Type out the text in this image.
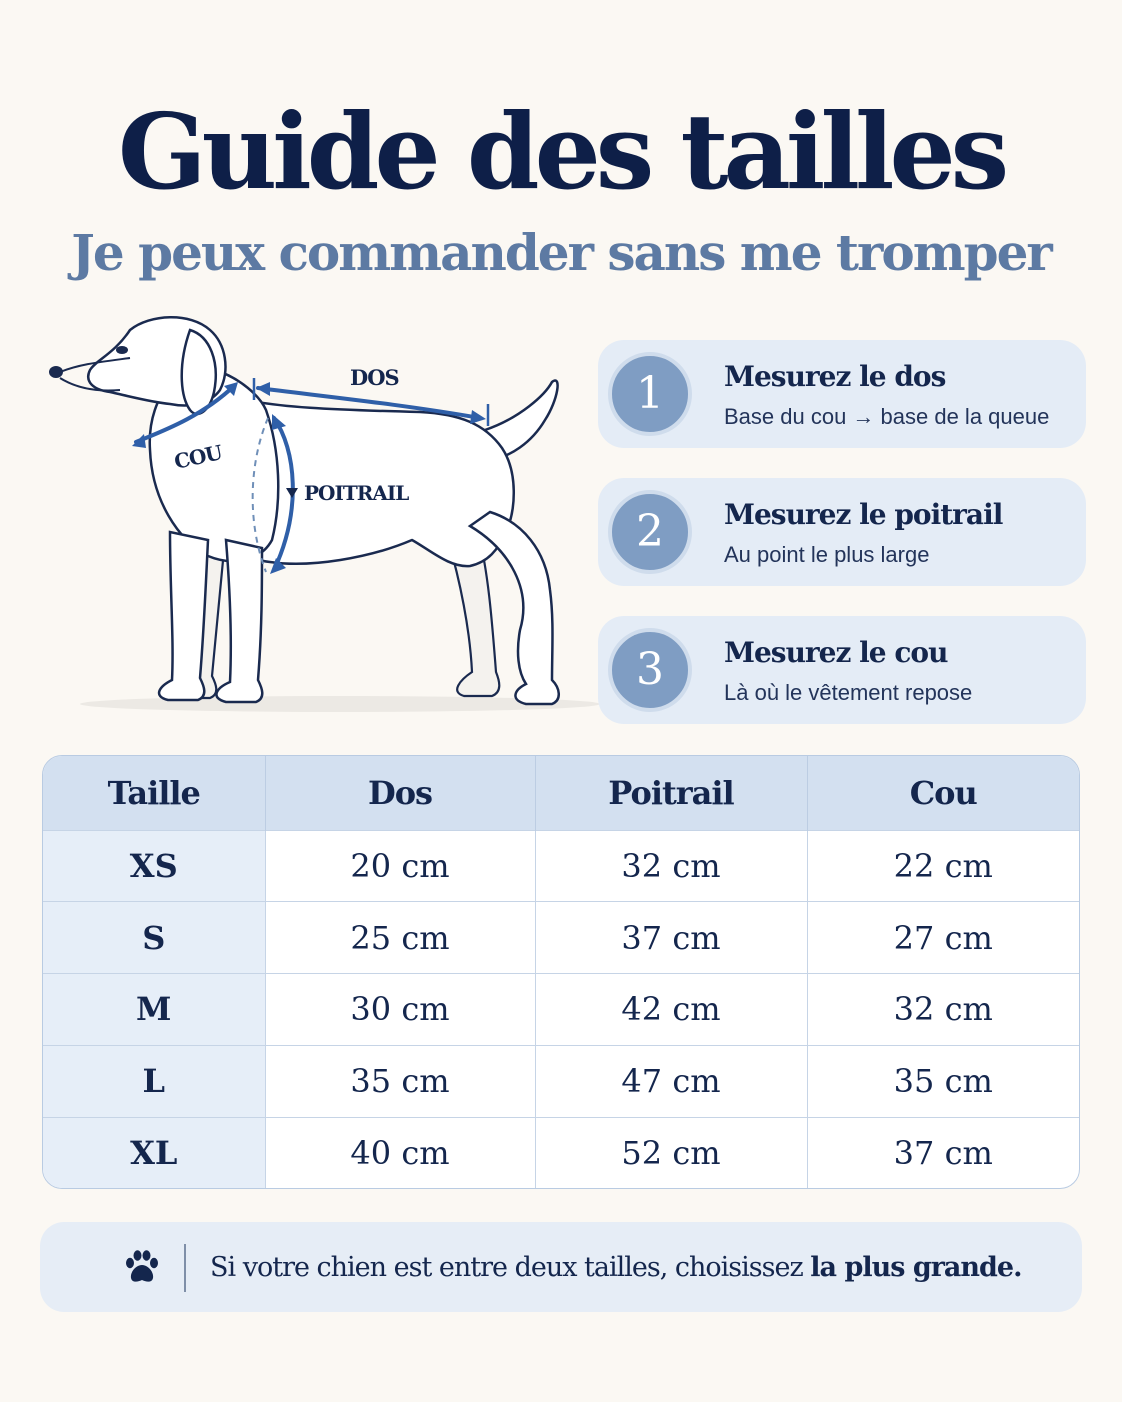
Guide des tailles
Je peux commander sans me tromper
DOS
COU
POITRAIL
1	Mesurez le dos
Base du cou → base de la queue
2	Mesurez le poitrail
Au point le plus large
3	Mesurez le cou
Là où le vêtement repose
Taille	Dos	Poitrail	Cou
XS	20 cm	32 cm	22 cm
S	25 cm	37 cm	27 cm
M	30 cm	42 cm	32 cm
L	35 cm	47 cm	35 cm
XL	40 cm	52 cm	37 cm
Si votre chien est entre deux tailles, choisissez la plus grande.
